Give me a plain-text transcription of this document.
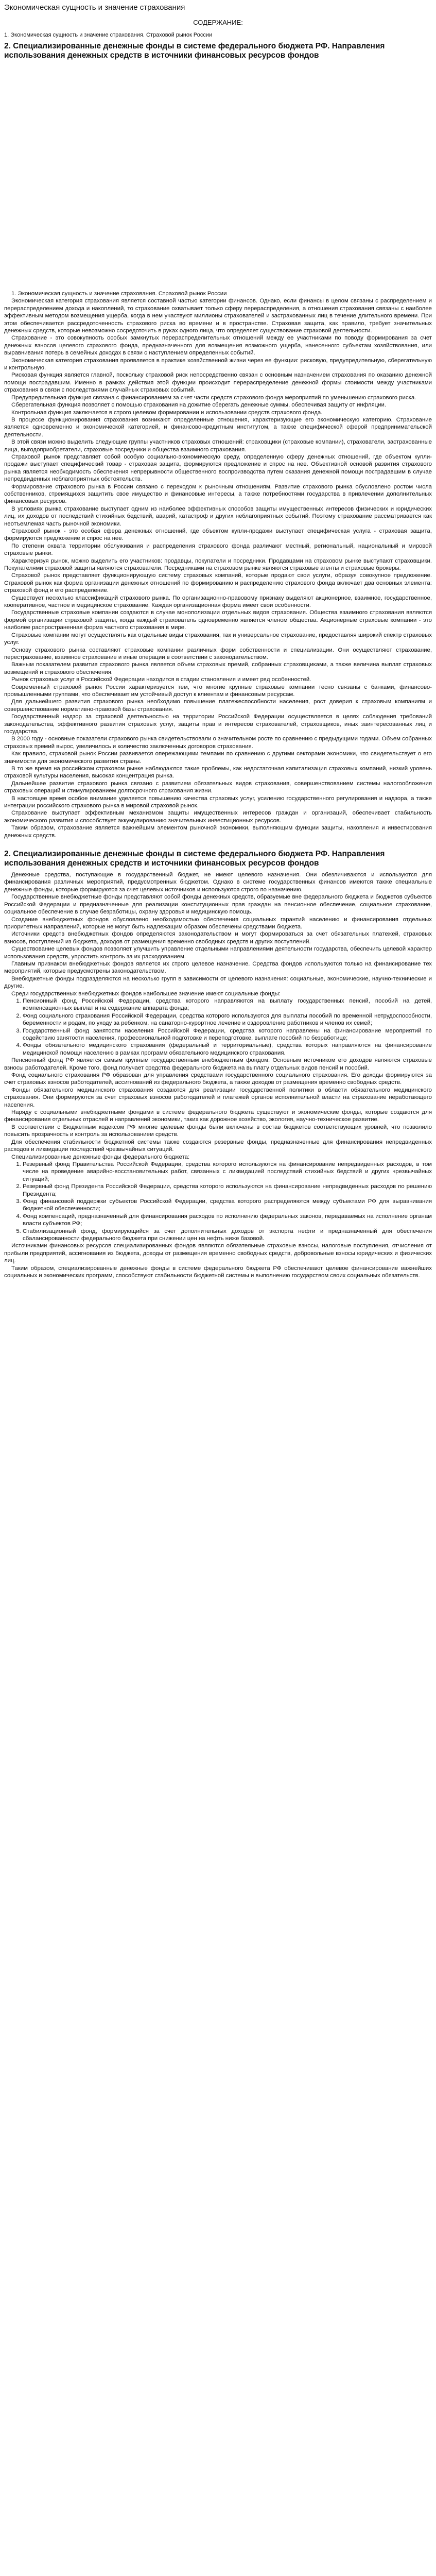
Экономическая сущность и значение страхования
СОДЕРЖАНИЕ:
1. Экономическая сущность и значение страхования. Страховой рынок России
2. Специализированные денежные фонды в системе федерального бюджета РФ. Направления использования денежных средств в источники финансовых ресурсов фондов

1. Экономическая сущность и значение страхования. Страховой рынок России

Экономическая категория страхования является составной частью категории финансов. Однако, если финансы в целом связаны с распределением и перераспределением дохода и накоплений, то страхование охватывает только сферу перераспределения, а отношения страхования связаны с наиболее эффективным методом возмещения ущерба, когда в нем участвуют миллионы страхователей и застрахованных лиц в течение длительного времени. При этом обеспечивается рассредоточенность страхового риска во времени и в пространстве. Страховая защита, как правило, требует значительных денежных средств, которые невозможно сосредоточить в руках одного лица, что определяет существование страховой деятельности.

Страхование - это совокупность особых замкнутых перераспределительных отношений между ее участниками по поводу формирования за счет денежных взносов целевого страхового фонда, предназначенного для возмещения возможного ущерба, нанесенного субъектам хозяйствования, или выравнивания потерь в семейных доходах в связи с наступлением определенных событий.

Экономическая категория страхования проявляется в практике хозяйственной жизни через ее функции: рисковую, предупредительную, сберегательную и контрольную.

Рисковая функция является главной, поскольку страховой риск непосредственно связан с основным назначением страхования по оказанию денежной помощи пострадавшим. Именно в рамках действия этой функции происходит перераспределение денежной формы стоимости между участниками страхования в связи с последствиями случайных страховых событий.

Предупредительная функция связана с финансированием за счет части средств страхового фонда мероприятий по уменьшению страхового риска.

Сберегательная функция позволяет с помощью страхования на дожитие сберегать денежные суммы, обеспечивая защиту от инфляции.

Контрольная функция заключается в строго целевом формировании и использовании средств страхового фонда.

В процессе функционирования страхования возникают определенные отношения, характеризующие его экономическую категорию. Страхование является одновременно и экономической категорией, и финансово-кредитным институтом, а также специфической сферой предпринимательской деятельности.

В этой связи можно выделить следующие группы участников страховых отношений: страховщики (страховые компании), страхователи, застрахованные лица, выгодоприобретатели, страховые посредники и общества взаимного страхования.

Страховой рынок представляет собой особую социально-экономическую среду, определенную сферу денежных отношений, где объектом купли-продажи выступает специфический товар - страховая защита, формируются предложение и спрос на нее. Объективной основой развития страхового рынка является необходимость обеспечения непрерывности общественного воспроизводства путем оказания денежной помощи пострадавшим в случае непредвиденных неблагоприятных обстоятельств.

Формирование страхового рынка в России связано с переходом к рыночным отношениям. Развитие страхового рынка обусловлено ростом числа собственников, стремящихся защитить свое имущество и финансовые интересы, а также потребностями государства в привлечении дополнительных финансовых ресурсов.

В условиях рынка страхование выступает одним из наиболее эффективных способов защиты имущественных интересов физических и юридических лиц, их доходов от последствий стихийных бедствий, аварий, катастроф и других неблагоприятных событий. Поэтому страхование рассматривается как неотъемлемая часть рыночной экономики.

Страховой рынок - это особая сфера денежных отношений, где объектом купли-продажи выступает специфическая услуга - страховая защита, формируются предложение и спрос на нее.

По степени охвата территории обслуживания и распределения страхового фонда различают местный, региональный, национальный и мировой страховые рынки.

Характеризуя рынок, можно выделить его участников: продавцы, покупатели и посредники. Продавцами на страховом рынке выступают страховщики. Покупателями страховой защиты являются страхователи. Посредниками на страховом рынке являются страховые агенты и страховые брокеры.

Страховой рынок представляет функционирующую систему страховых компаний, которые продают свои услуги, образуя совокупное предложение. Страховой рынок как форма организации денежных отношений по формированию и распределению страхового фонда включает два основных элемента: страховой фонд и его распределение.

Существует несколько классификаций страхового рынка. По организационно-правовому признаку выделяют акционерное, взаимное, государственное, кооперативное, частное и медицинское страхование. Каждая организационная форма имеет свои особенности.

Государственные страховые компании создаются в случае монополизации отдельных видов страхования. Общества взаимного страхования являются формой организации страховой защиты, когда каждый страхователь одновременно является членом общества. Акционерные страховые компании - это наиболее распространенная форма частного страхования в мире.

Страховые компании могут осуществлять как отдельные виды страхования, так и универсальное страхование, предоставляя широкий спектр страховых услуг.

Основу страхового рынка составляют страховые компании различных форм собственности и специализации. Они осуществляют страхование, перестрахование, взаимное страхование и иные операции в соответствии с законодательством.

Важным показателем развития страхового рынка является объем страховых премий, собранных страховщиками, а также величина выплат страховых возмещений и страхового обеспечения.

Рынок страховых услуг в Российской Федерации находится в стадии становления и имеет ряд особенностей.

Современный страховой рынок России характеризуется тем, что многие крупные страховые компании тесно связаны с банками, финансово-промышленными группами, что обеспечивает им устойчивый доступ к клиентам и финансовым ресурсам.

Для дальнейшего развития страхового рынка необходимо повышение платежеспособности населения, рост доверия к страховым компаниям и совершенствование нормативно-правовой базы страхования.

Государственный надзор за страховой деятельностью на территории Российской Федерации осуществляется в целях соблюдения требований законодательства, эффективного развития страховых услуг, защиты прав и интересов страхователей, страховщиков, иных заинтересованных лиц и государства.

В 2000 году - основные показатели страхового рынка свидетельствовали о значительном росте по сравнению с предыдущими годами. Объем собранных страховых премий вырос, увеличилось и количество заключенных договоров страхования.

Как правило, страховой рынок России развивается опережающими темпами по сравнению с другими секторами экономики, что свидетельствует о его значимости для экономического развития страны.

В то же время на российском страховом рынке наблюдаются такие проблемы, как недостаточная капитализация страховых компаний, низкий уровень страховой культуры населения, высокая концентрация рынка.

Дальнейшее развитие страхового рынка связано с развитием обязательных видов страхования, совершенствованием системы налогообложения страховых операций и стимулированием долгосрочного страхования жизни.

В настоящее время особое внимание уделяется повышению качества страховых услуг, усилению государственного регулирования и надзора, а также интеграции российского страхового рынка в мировой страховой рынок.

Страхование выступает эффективным механизмом защиты имущественных интересов граждан и организаций, обеспечивает стабильность экономического развития и способствует аккумулированию значительных инвестиционных ресурсов.

Таким образом, страхование является важнейшим элементом рыночной экономики, выполняющим функции защиты, накопления и инвестирования денежных средств.

2. Специализированные денежные фонды в системе федерального бюджета РФ. Направления использования денежных средств и источники финансовых ресурсов фондов

Денежные средства, поступающие в государственный бюджет, не имеют целевого назначения. Они обезличиваются и используются для финансирования различных мероприятий, предусмотренных бюджетом. Однако в системе государственных финансов имеются также специальные денежные фонды, которые формируются за счет целевых источников и используются строго по назначению.

Государственные внебюджетные фонды представляют собой фонды денежных средств, образуемые вне федерального бюджета и бюджетов субъектов Российской Федерации и предназначенные для реализации конституционных прав граждан на пенсионное обеспечение, социальное страхование, социальное обеспечение в случае безработицы, охрану здоровья и медицинскую помощь.

Создание внебюджетных фондов обусловлено необходимостью обеспечения социальных гарантий населению и финансирования отдельных приоритетных направлений, которые не могут быть надлежащим образом обеспечены средствами бюджета.

Источники средств внебюджетных фондов определяются законодательством и могут формироваться за счет обязательных платежей, страховых взносов, поступлений из бюджета, доходов от размещения временно свободных средств и других поступлений.

Существование целевых фондов позволяет улучшить управление отдельными направлениями деятельности государства, обеспечить целевой характер использования средств, упростить контроль за их расходованием.

Главным признаком внебюджетных фондов является их строго целевое назначение. Средства фондов используются только на финансирование тех мероприятий, которые предусмотрены законодательством.

Внебюджетные фонды подразделяются на несколько групп в зависимости от целевого назначения: социальные, экономические, научно-технические и другие.

Среди государственных внебюджетных фондов наибольшее значение имеют социальные фонды:

1. Пенсионный фонд Российской Федерации, средства которого направляются на выплату государственных пенсий, пособий на детей, компенсационных выплат и на содержание аппарата фонда;
2. Фонд социального страхования Российской Федерации, средства которого используются для выплаты пособий по временной нетрудоспособности, беременности и родам, по уходу за ребенком, на санаторно-курортное лечение и оздоровление работников и членов их семей;
3. Государственный фонд занятости населения Российской Федерации, средства которого направлены на финансирование мероприятий по содействию занятости населения, профессиональной подготовке и переподготовке, выплате пособий по безработице;
4. Фонды обязательного медицинского страхования (федеральный и территориальные), средства которых направляются на финансирование медицинской помощи населению в рамках программ обязательного медицинского страхования.

Пенсионный фонд РФ является самым крупным государственным внебюджетным фондом. Основным источником его доходов являются страховые взносы работодателей. Кроме того, фонд получает средства федерального бюджета на выплату отдельных видов пенсий и пособий.

Фонд социального страхования РФ образован для управления средствами государственного социального страхования. Его доходы формируются за счет страховых взносов работодателей, ассигнований из федерального бюджета, а также доходов от размещения временно свободных средств.

Фонды обязательного медицинского страхования создаются для реализации государственной политики в области обязательного медицинского страхования. Они формируются за счет страховых взносов работодателей и платежей органов исполнительной власти на страхование неработающего населения.

Наряду с социальными внебюджетными фондами в системе федерального бюджета существуют и экономические фонды, которые создаются для финансирования отдельных отраслей и направлений экономики, таких как дорожное хозяйство, экология, научно-техническое развитие.

В соответствии с Бюджетным кодексом РФ многие целевые фонды были включены в состав бюджетов соответствующих уровней, что позволило повысить прозрачность и контроль за использованием средств.

Для обеспечения стабильности бюджетной системы также создаются резервные фонды, предназначенные для финансирования непредвиденных расходов и ликвидации последствий чрезвычайных ситуаций.

Специализированные денежные фонды федерального бюджета:

1. Резервный фонд Правительства Российской Федерации, средства которого используются на финансирование непредвиденных расходов, в том числе на проведение аварийно-восстановительных работ, связанных с ликвидацией последствий стихийных бедствий и других чрезвычайных ситуаций;
2. Резервный фонд Президента Российской Федерации, средства которого используются на финансирование непредвиденных расходов по решению Президента;
3. Фонд финансовой поддержки субъектов Российской Федерации, средства которого распределяются между субъектами РФ для выравнивания бюджетной обеспеченности;
4. Фонд компенсаций, предназначенный для финансирования расходов по исполнению федеральных законов, передаваемых на исполнение органам власти субъектов РФ;
5. Стабилизационный фонд, формирующийся за счет дополнительных доходов от экспорта нефти и предназначенный для обеспечения сбалансированности федерального бюджета при снижении цен на нефть ниже базовой.

Источниками финансовых ресурсов специализированных фондов являются обязательные страховые взносы, налоговые поступления, отчисления от прибыли предприятий, ассигнования из бюджета, доходы от размещения временно свободных средств, добровольные взносы юридических и физических лиц.

Таким образом, специализированные денежные фонды в системе федерального бюджета РФ обеспечивают целевое финансирование важнейших социальных и экономических программ, способствуют стабильности бюджетной системы и выполнению государством своих социальных обязательств.
